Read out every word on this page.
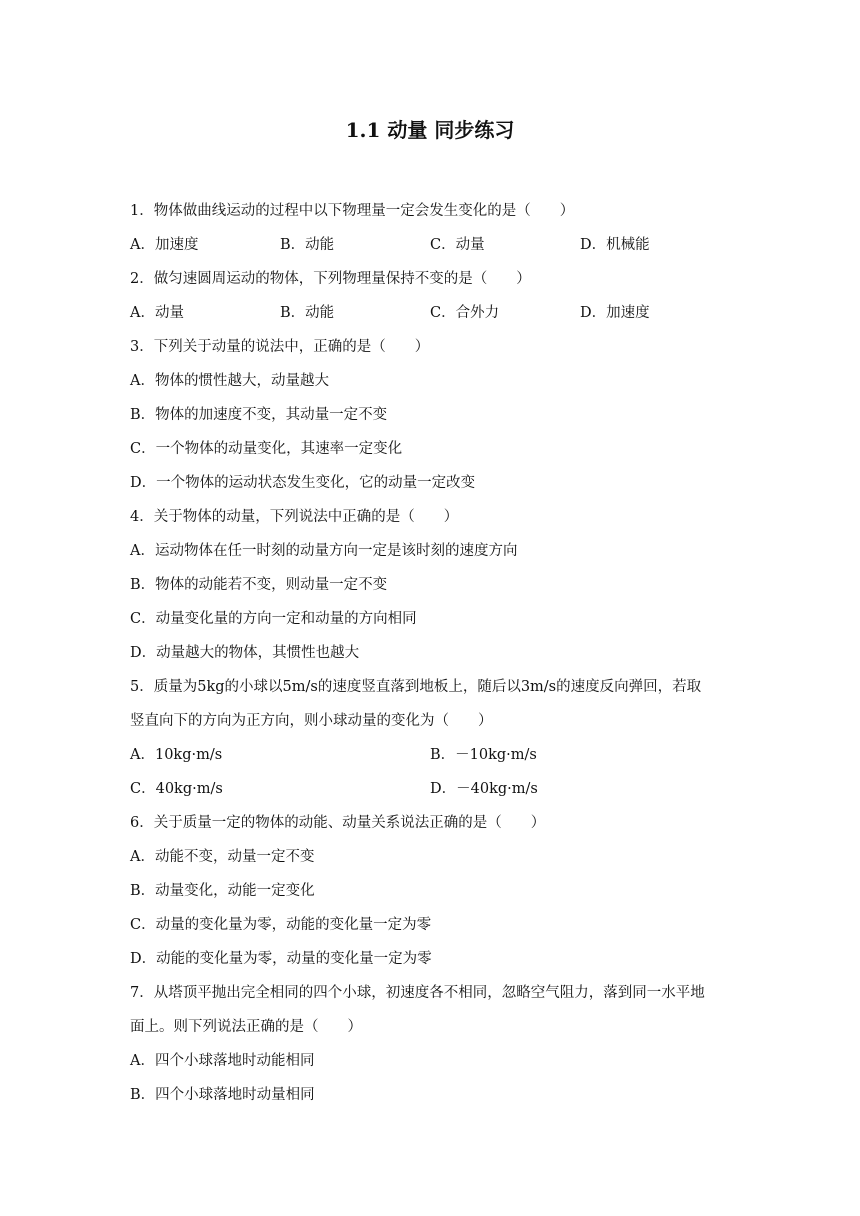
1.1 动量 同步练习
1．物体做曲线运动的过程中以下物理量一定会发生变化的是（　　）
A．加速度	B．动能	C．动量	D．机械能
2．做匀速圆周运动的物体，下列物理量保持不变的是（　　）
A．动量	B．动能	C．合外力	D．加速度
3．下列关于动量的说法中，正确的是（　　）
A．物体的惯性越大，动量越大
B．物体的加速度不变，其动量一定不变
C．一个物体的动量变化，其速率一定变化
D．一个物体的运动状态发生变化，它的动量一定改变
4．关于物体的动量，下列说法中正确的是（　　）
A．运动物体在任一时刻的动量方向一定是该时刻的速度方向
B．物体的动能若不变，则动量一定不变
C．动量变化量的方向一定和动量的方向相同
D．动量越大的物体，其惯性也越大
5．质量为5kg的小球以5m/s的速度竖直落到地板上，随后以3m/s的速度反向弹回，若取
竖直向下的方向为正方向，则小球动量的变化为（　　）
A．10kg·m/s	B．－10kg·m/s
C．40kg·m/s	D．－40kg·m/s
6．关于质量一定的物体的动能、动量关系说法正确的是（　　）
A．动能不变，动量一定不变
B．动量变化，动能一定变化
C．动量的变化量为零，动能的变化量一定为零
D．动能的变化量为零，动量的变化量一定为零
7．从塔顶平抛出完全相同的四个小球，初速度各不相同，忽略空气阻力，落到同一水平地
面上。则下列说法正确的是（　　）
A．四个小球落地时动能相同
B．四个小球落地时动量相同
